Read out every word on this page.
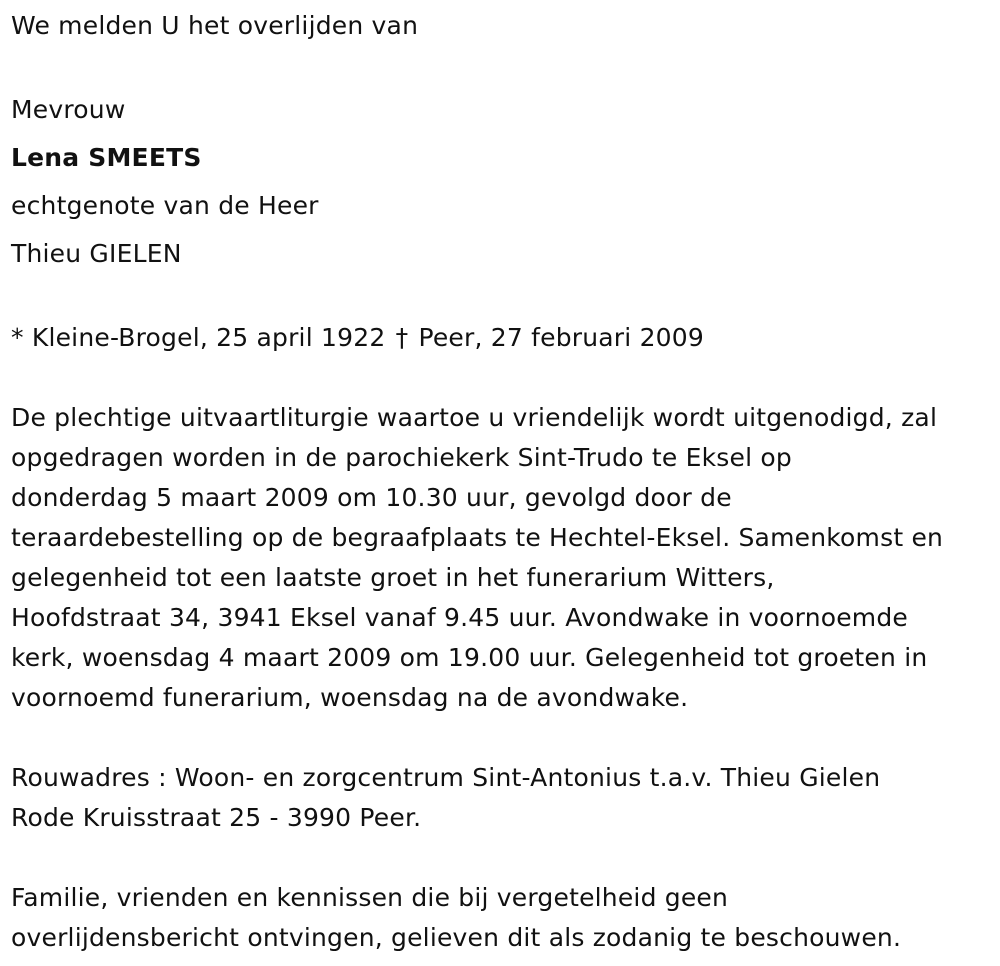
We melden U het overlijden van
Mevrouw
Lena SMEETS
echtgenote van de Heer
Thieu GIELEN
* Kleine-Brogel, 25 april 1922 † Peer, 27 februari 2009
De plechtige uitvaartliturgie waartoe u vriendelijk wordt uitgenodigd, zal
opgedragen worden in de parochiekerk Sint-Trudo te Eksel op
donderdag 5 maart 2009 om 10.30 uur, gevolgd door de
teraardebestelling op de begraafplaats te Hechtel-Eksel. Samenkomst en
gelegenheid tot een laatste groet in het funerarium Witters,
Hoofdstraat 34, 3941 Eksel vanaf 9.45 uur. Avondwake in voornoemde
kerk, woensdag 4 maart 2009 om 19.00 uur. Gelegenheid tot groeten in
voornoemd funerarium, woensdag na de avondwake.
Rouwadres : Woon- en zorgcentrum Sint-Antonius t.a.v. Thieu Gielen
Rode Kruisstraat 25 - 3990 Peer.
Familie, vrienden en kennissen die bij vergetelheid geen
overlijdensbericht ontvingen, gelieven dit als zodanig te beschouwen.
